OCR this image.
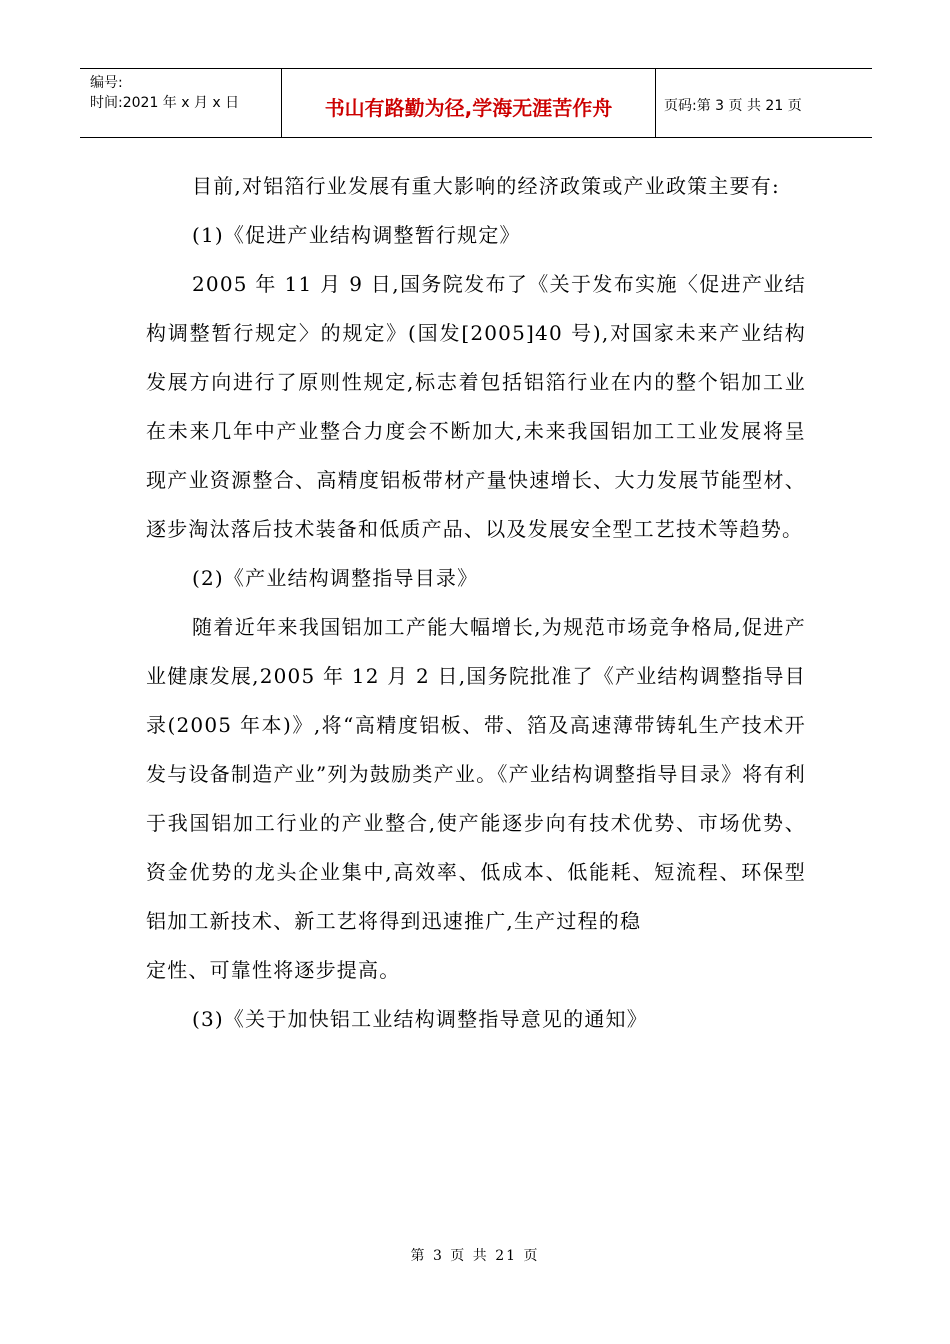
编号:
时间:2021 年 x 月 x 日	书山有路勤为径,学海无涯苦作舟	页码:第 3 页 共 21 页

目前,对铝箔行业发展有重大影响的经济政策或产业政策主要有:

(1)《促进产业结构调整暂行规定》

2005 年 11 月 9 日,国务院发布了《关于发布实施〈促进产业结构调整暂行规定〉的规定》(国发[2005]40 号),对国家未来产业结构发展方向进行了原则性规定,标志着包括铝箔行业在内的整个铝加工业在未来几年中产业整合力度会不断加大,未来我国铝加工工业发展将呈现产业资源整合、高精度铝板带材产量快速增长、大力发展节能型材、逐步淘汰落后技术装备和低质产品、以及发展安全型工艺技术等趋势。

(2)《产业结构调整指导目录》

随着近年来我国铝加工产能大幅增长,为规范市场竞争格局,促进产业健康发展,2005 年 12 月 2 日,国务院批准了《产业结构调整指导目录(2005 年本)》,将“高精度铝板、带、箔及高速薄带铸轧生产技术开发与设备制造产业”列为鼓励类产业。《产业结构调整指导目录》将有利于我国铝加工行业的产业整合,使产能逐步向有技术优势、市场优势、资金优势的龙头企业集中,高效率、低成本、低能耗、短流程、环保型铝加工新技术、新工艺将得到迅速推广,生产过程的稳

定性、可靠性将逐步提高。

(3)《关于加快铝工业结构调整指导意见的通知》

第 3 页 共 21 页
